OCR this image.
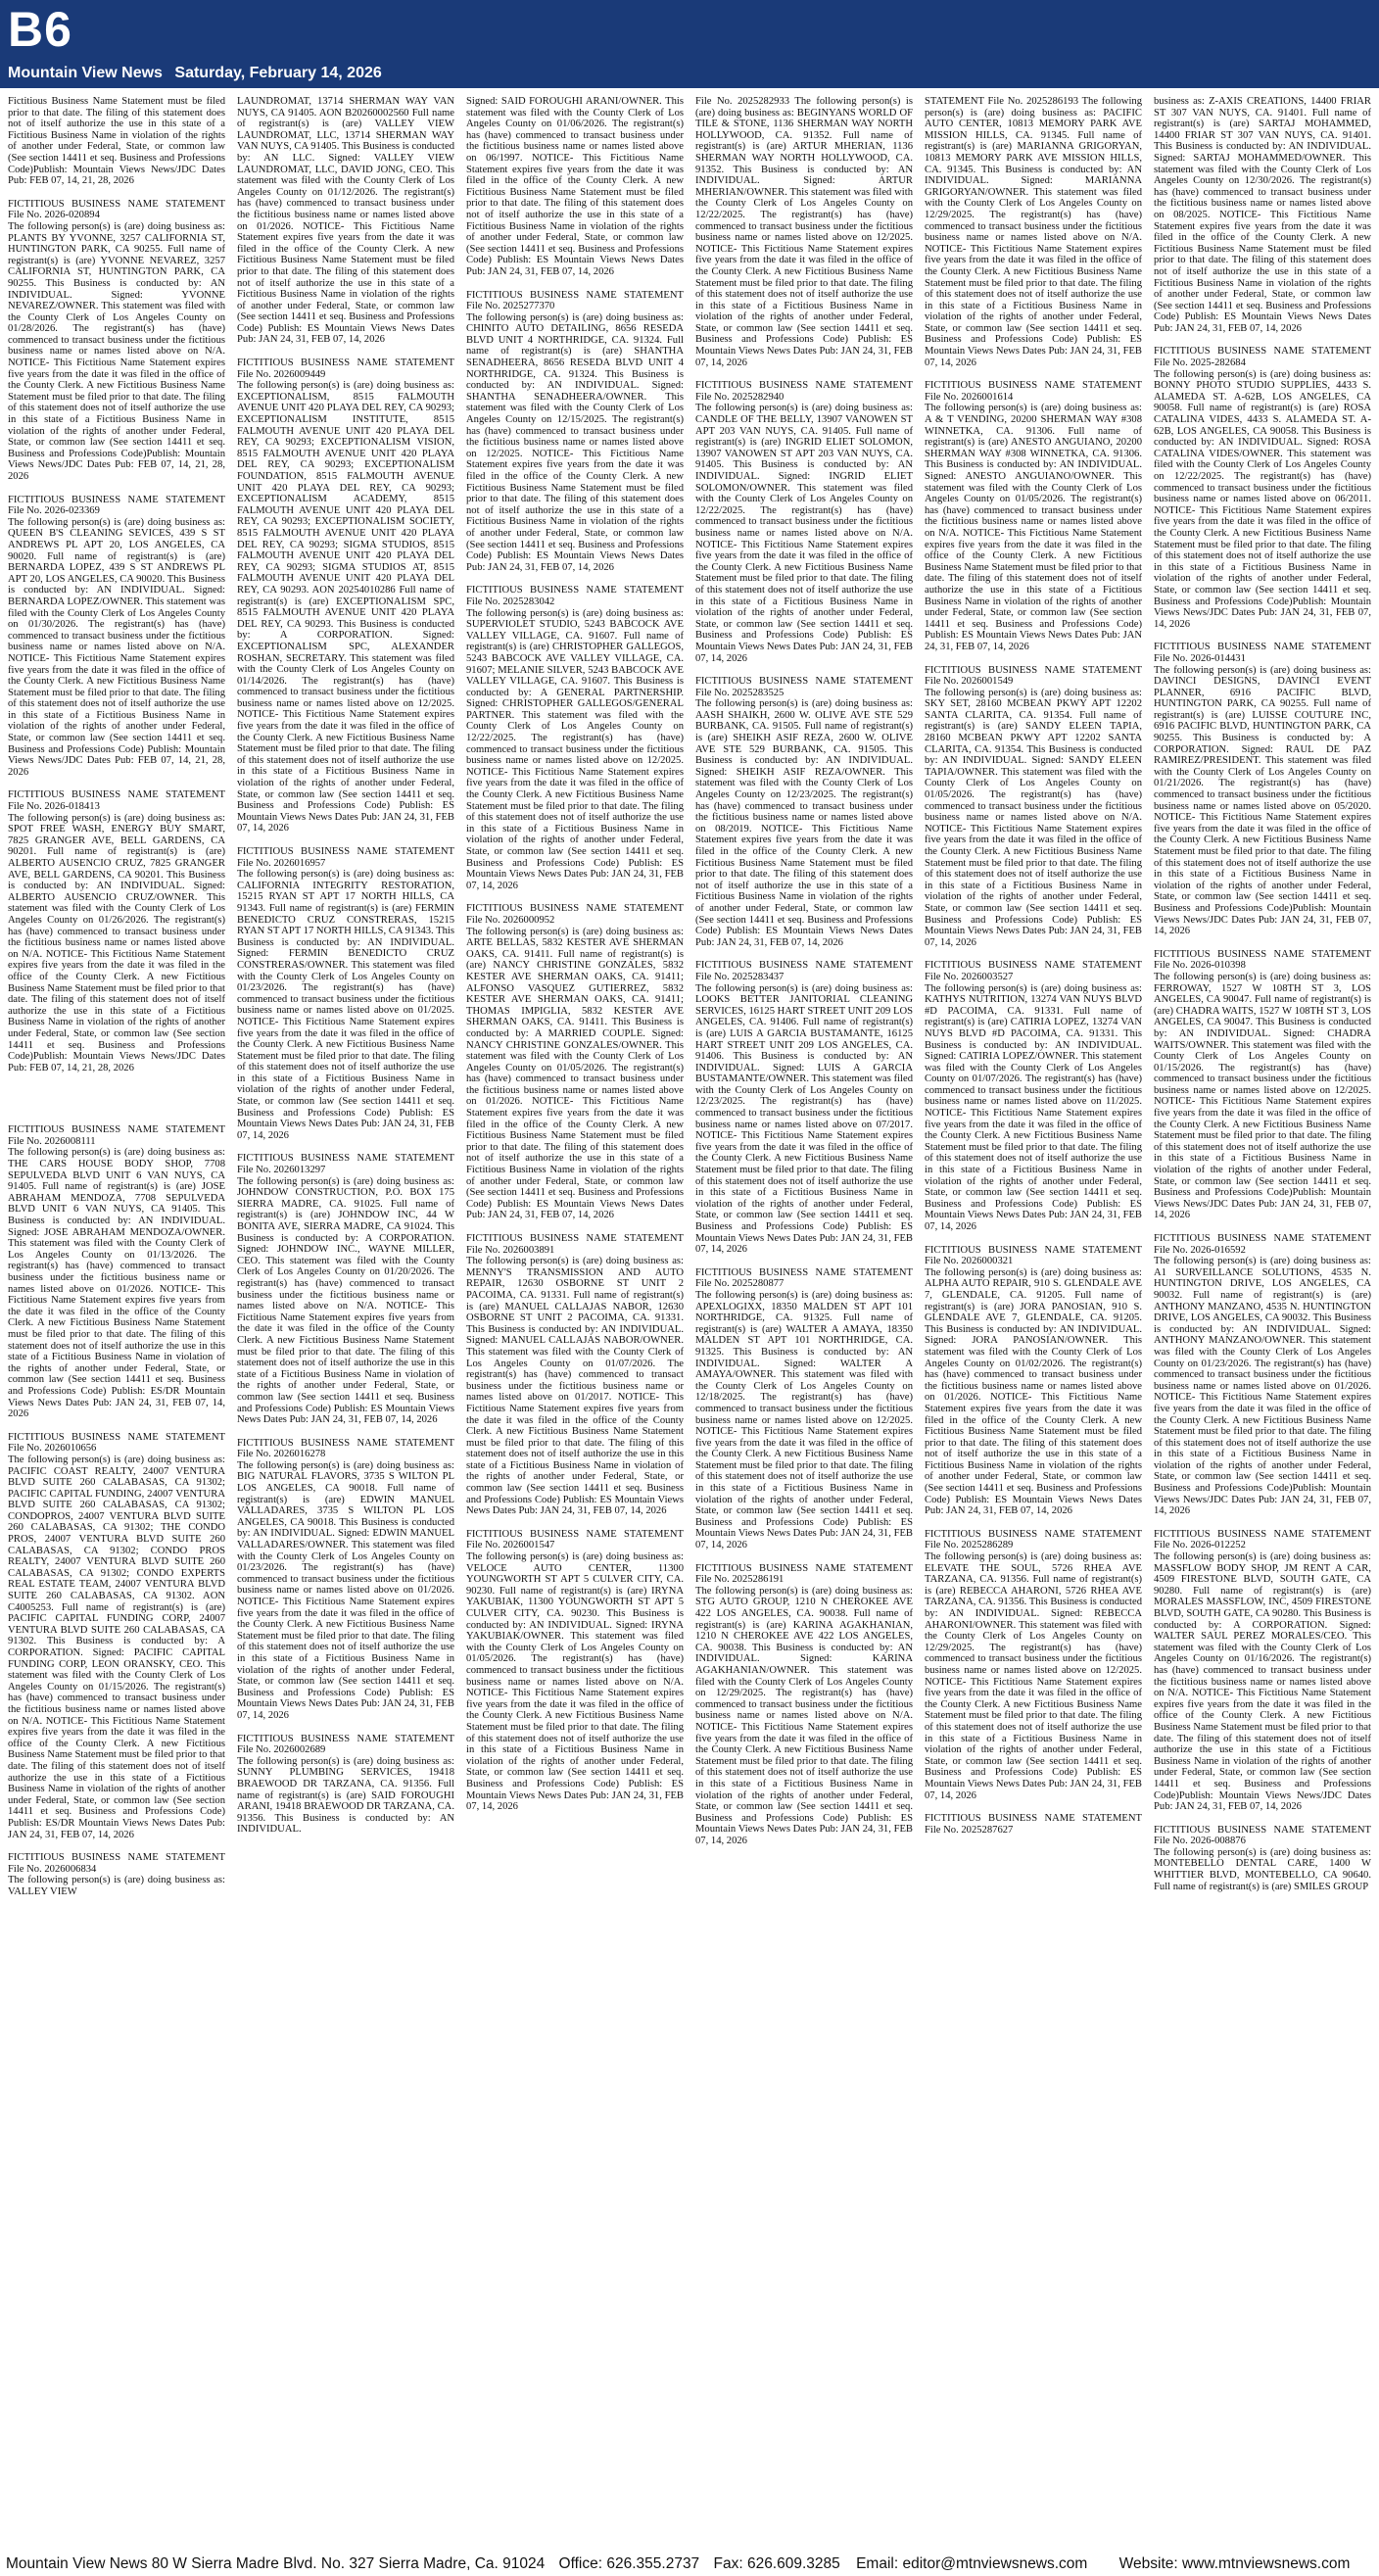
B6
Mountain View News Saturday, February 14, 2026
Fictitious Business Name Statement must be filed prior to that date. The filing of this statement does not of itself authorize the use in this state of a Fictitious Business Name in violation of the rights of another under Federal, State, or common law (See section 14411 et seq. Business and Professions Code)Publish: Mountain Views News/JDC Dates Pub: FEB 07, 14, 21, 28, 2026
FICTITIOUS BUSINESS NAME STATEMENT File No. 2026-020894
The following person(s) is (are) doing business as: PLANTS BY YVONNE, 3257 CALIFORNIA ST, HUNTINGTON PARK, CA 90255. Full name of registrant(s) is (are) YVONNE NEVAREZ, 3257 CALIFORNIA ST, HUNTINGTON PARK, CA 90255. This Business is conducted by: AN INDIVIDUAL. Signed: YVONNE NEVAREZ/OWNER. This statement was filed with the County Clerk of Los Angeles County on 01/28/2026. The registrant(s) has (have) commenced to transact business under the fictitious business name or names listed above on N/A. NOTICE- This Fictitious Name Statement expires five years from the date it was filed in the office of the County Clerk. A new Fictitious Business Name Statement must be filed prior to that date. The filing of this statement does not of itself authorize the use in this state of a Fictitious Business Name in violation of the rights of another under Federal, State, or common law (See section 14411 et seq. Business and Professions Code)Publish: Mountain Views News/JDC Dates Pub: FEB 07, 14, 21, 28, 2026
FICTITIOUS BUSINESS NAME STATEMENT File No. 2026-023369
The following person(s) is (are) doing business as: QUEEN B'S CLEANING SEVICES, 439 S ST ANDREWS PL APT 20, LOS ANGELES, CA 90020. Full name of registrant(s) is (are) BERNARDA LOPEZ, 439 S ST ANDREWS PL APT 20, LOS ANGELES, CA 90020. This Business is conducted by: AN INDIVIDUAL. Signed: BERNARDA LOPEZ/OWNER. This statement was filed with the County Clerk of Los Angeles County on 01/30/2026. The registrant(s) has (have) commenced to transact business under the fictitious business name or names listed above on N/A. NOTICE- This Fictitious Name Statement expires five years from the date it was filed in the office of the County Clerk. A new Fictitious Business Name Statement must be filed prior to that date. The filing of this statement does not of itself authorize the use in this state of a Fictitious Business Name in violation of the rights of another under Federal, State, or common law (See section 14411 et seq. Business and Professions Code) Publish: Mountain Views News/JDC Dates Pub: FEB 07, 14, 21, 28, 2026
FICTITIOUS BUSINESS NAME STATEMENT File No. 2026-018413
The following person(s) is (are) doing business as: SPOT FREE WASH, ENERGY BUY SMART, 7825 GRANGER AVE, BELL GARDENS, CA 90201. Full name of registrant(s) is (are) ALBERTO AUSENCIO CRUZ, 7825 GRANGER AVE, BELL GARDENS, CA 90201. This Business is conducted by: AN INDIVIDUAL. Signed: ALBERTO AUSENCIO CRUZ/OWNER. This statement was filed with the County Clerk of Los Angeles County on 01/26/2026. The registrant(s) has (have) commenced to transact business under the fictitious business name or names listed above on N/A. NOTICE- This Fictitious Name Statement expires five years from the date it was filed in the office of the County Clerk. A new Fictitious Business Name Statement must be filed prior to that date. The filing of this statement does not of itself authorize the use in this state of a Fictitious Business Name in violation of the rights of another under Federal, State, or common law (See section 14411 et seq. Business and Professions Code)Publish: Mountain Views News/JDC Dates Pub: FEB 07, 14, 21, 28, 2026
FICTITIOUS BUSINESS NAME STATEMENT File No. 2026008111
The following person(s) is (are) doing business as: THE CARS HOUSE BODY SHOP, 7708 SEPULVEDA BLVD UNIT 6 VAN NUYS, CA 91405. Full name of registrant(s) is (are) JOSE ABRAHAM MENDOZA, 7708 SEPULVEDA BLVD UNIT 6 VAN NUYS, CA 91405. This Business is conducted by: AN INDIVIDUAL. Signed: JOSE ABRAHAM MENDOZA/OWNER. This statement was filed with the County Clerk of Los Angeles County on 01/13/2026. The registrant(s) has (have) commenced to transact business under the fictitious business name or names listed above on 01/2026. NOTICE- This Fictitious Name Statement expires five years from the date it was filed in the office of the County Clerk. A new Fictitious Business Name Statement must be filed prior to that date. The filing of this statement does not of itself authorize the use in this state of a Fictitious Business Name in violation of the rights of another under Federal, State, or common law (See section 14411 et seq. Business and Professions Code) Publish: ES/DR Mountain Views News Dates Pub: JAN 24, 31, FEB 07, 14, 2026
FICTITIOUS BUSINESS NAME STATEMENT File No. 2026010656
The following person(s) is (are) doing business as: PACIFIC COAST REALTY, 24007 VENTURA BLVD SUITE 260 CALABASAS, CA 91302; PACIFIC CAPITAL FUNDING, 24007 VENTURA BLVD SUITE 260 CALABASAS, CA 91302; CONDOPROS, 24007 VENTURA BLVD SUITE 260 CALABASAS, CA 91302; THE CONDO PROS, 24007 VENTURA BLVD SUITE 260 CALABASAS, CA 91302; CONDO PROS REALTY, 24007 VENTURA BLVD SUITE 260 CALABASAS, CA 91302; CONDO EXPERTS REAL ESTATE TEAM, 24007 VENTURA BLVD SUITE 260 CALABASAS, CA 91302. AON C4005253. Full name of registrant(s) is (are) PACIFIC CAPITAL FUNDING CORP, 24007 VENTURA BLVD SUITE 260 CALABASAS, CA 91302. This Business is conducted by: A CORPORATION. Signed: PACIFIC CAPITAL FUNDING CORP, LEON ORANSKY, CEO. This statement was filed with the County Clerk of Los Angeles County on 01/15/2026. The registrant(s) has (have) commenced to transact business under the fictitious business name or names listed above on N/A. NOTICE- This Fictitious Name Statement expires five years from the date it was filed in the office of the County Clerk. A new Fictitious Business Name Statement must be filed prior to that date. The filing of this statement does not of itself authorize the use in this state of a Fictitious Business Name in violation of the rights of another under Federal, State, or common law (See section 14411 et seq. Business and Professions Code) Publish: ES/DR Mountain Views News Dates Pub: JAN 24, 31, FEB 07, 14, 2026
FICTITIOUS BUSINESS NAME STATEMENT File No. 2026006834
The following person(s) is (are) doing business as: VALLEY VIEW
LAUNDROMAT, 13714 SHERMAN WAY VAN NUYS, CA 91405. AON B20260002560 Full name of registrant(s) is (are) VALLEY VIEW LAUNDROMAT, LLC, 13714 SHERMAN WAY VAN NUYS, CA 91405. This Business is conducted by: AN LLC. Signed: VALLEY VIEW LAUNDROMAT, LLC, DAVID JONG, CEO. This statement was filed with the County Clerk of Los Angeles County on 01/12/2026. The registrant(s) has (have) commenced to transact business under the fictitious business name or names listed above on 01/2026. NOTICE- This Fictitious Name Statement expires five years from the date it was filed in the office of the County Clerk. A new Fictitious Business Name Statement must be filed prior to that date. The filing of this statement does not of itself authorize the use in this state of a Fictitious Business Name in violation of the rights of another under Federal, State, or common law (See section 14411 et seq. Business and Professions Code) Publish: ES Mountain Views News Dates Pub: JAN 24, 31, FEB 07, 14, 2026
FICTITIOUS BUSINESS NAME STATEMENT File No. 2026009449
The following person(s) is (are) doing business as: EXCEPTIONALISM, 8515 FALMOUTH AVENUE UNIT 420 PLAYA DEL REY, CA 90293; EXCEPTIONALISM INSTITUTE, 8515 FALMOUTH AVENUE UNIT 420 PLAYA DEL REY, CA 90293; EXCEPTIONALISM VISION, 8515 FALMOUTH AVENUE UNIT 420 PLAYA DEL REY, CA 90293; EXCEPTIONALISM FOUNDATION, 8515 FALMOUTH AVENUE UNIT 420 PLAYA DEL REY, CA 90293; EXCEPTIONALISM ACADEMY, 8515 FALMOUTH AVENUE UNIT 420 PLAYA DEL REY, CA 90293; EXCEPTIONALISM SOCIETY, 8515 FALMOUTH AVENUE UNIT 420 PLAYA DEL REY, CA 90293; SIGMA STUDIOS, 8515 FALMOUTH AVENUE UNIT 420 PLAYA DEL REY, CA 90293; SIGMA STUDIOS AT, 8515 FALMOUTH AVENUE UNIT 420 PLAYA DEL REY, CA 90293. AON 20254010286 Full name of registrant(s) is (are) EXCEPTIONALISM SPC, 8515 FALMOUTH AVENUE UNIT 420 PLAYA DEL REY, CA 90293. This Business is conducted by: A CORPORATION. Signed: EXCEPTIONALISM SPC, ALEXANDER ROSHAN, SECRETARY. This statement was filed with the County Clerk of Los Angeles County on 01/14/2026. The registrant(s) has (have) commenced to transact business under the fictitious business name or names listed above on 12/2025. NOTICE- This Fictitious Name Statement expires five years from the date it was filed in the office of the County Clerk. A new Fictitious Business Name Statement must be filed prior to that date. The filing of this statement does not of itself authorize the use in this state of a Fictitious Business Name in violation of the rights of another under Federal, State, or common law (See section 14411 et seq. Business and Professions Code) Publish: ES Mountain Views News Dates Pub: JAN 24, 31, FEB 07, 14, 2026
FICTITIOUS BUSINESS NAME STATEMENT File No. 2026016957
The following person(s) is (are) doing business as: CALIFORNIA INTEGRITY RESTORATION, 15215 RYAN ST APT 17 NORTH HILLS, CA 91343. Full name of registrant(s) is (are) FERMIN BENEDICTO CRUZ CONSTRERAS, 15215 RYAN ST APT 17 NORTH HILLS, CA 91343. This Business is conducted by: AN INDIVIDUAL. Signed: FERMIN BENEDICTO CRUZ CONSTRERAS/OWNER. This statement was filed with the County Clerk of Los Angeles County on 01/23/2026. The registrant(s) has (have) commenced to transact business under the fictitious business name or names listed above on 01/2025. NOTICE- This Fictitious Name Statement expires five years from the date it was filed in the office of the County Clerk. A new Fictitious Business Name Statement must be filed prior to that date. The filing of this statement does not of itself authorize the use in this state of a Fictitious Business Name in violation of the rights of another under Federal, State, or common law (See section 14411 et seq. Business and Professions Code) Publish: ES Mountain Views News Dates Pub: JAN 24, 31, FEB 07, 14, 2026
FICTITIOUS BUSINESS NAME STATEMENT File No. 2026013297
The following person(s) is (are) doing business as: JOHNDOW CONSTRUCTION, P.O. BOX 175 SIERRA MADRE, CA. 91025. Full name of registrant(s) is (are) JOHNDOW INC, 44 W BONITA AVE, SIERRA MADRE, CA 91024. This Business is conducted by: A CORPORATION. Signed: JOHNDOW INC., WAYNE MILLER, CEO. This statement was filed with the County Clerk of Los Angeles County on 01/20/2026. The registrant(s) has (have) commenced to transact business under the fictitious business name or names listed above on N/A. NOTICE- This Fictitious Name Statement expires five years from the date it was filed in the office of the County Clerk. A new Fictitious Business Name Statement must be filed prior to that date. The filing of this statement does not of itself authorize the use in this state of a Fictitious Business Name in violation of the rights of another under Federal, State, or common law (See section 14411 et seq. Business and Professions Code) Publish: ES Mountain Views News Dates Pub: JAN 24, 31, FEB 07, 14, 2026
FICTITIOUS BUSINESS NAME STATEMENT File No. 2026016278
The following person(s) is (are) doing business as: BIG NATURAL FLAVORS, 3735 S WILTON PL LOS ANGELES, CA 90018. Full name of registrant(s) is (are) EDWIN MANUEL VALLADARES, 3735 S WILTON PL LOS ANGELES, CA 90018. This Business is conducted by: AN INDIVIDUAL. Signed: EDWIN MANUEL VALLADARES/OWNER. This statement was filed with the County Clerk of Los Angeles County on 01/23/2026. The registrant(s) has (have) commenced to transact business under the fictitious business name or names listed above on 01/2026. NOTICE- This Fictitious Name Statement expires five years from the date it was filed in the office of the County Clerk. A new Fictitious Business Name Statement must be filed prior to that date. The filing of this statement does not of itself authorize the use in this state of a Fictitious Business Name in violation of the rights of another under Federal, State, or common law (See section 14411 et seq. Business and Professions Code) Publish: ES Mountain Views News Dates Pub: JAN 24, 31, FEB 07, 14, 2026
FICTITIOUS BUSINESS NAME STATEMENT File No. 2026002689
The following person(s) is (are) doing business as: SUNNY PLUMBING SERVICES, 19418 BRAEWOOD DR TARZANA, CA. 91356. Full name of registrant(s) is (are) SAID FOROUGHI ARANI, 19418 BRAEWOOD DR TARZANA, CA. 91356. This Business is conducted by: AN INDIVIDUAL.
Signed: SAID FOROUGHI ARANI/OWNER. This statement was filed with the County Clerk of Los Angeles County on 01/06/2026. The registrant(s) has (have) commenced to transact business under the fictitious business name or names listed above on 06/1997. NOTICE- This Fictitious Name Statement expires five years from the date it was filed in the office of the County Clerk. A new Fictitious Business Name Statement must be filed prior to that date. The filing of this statement does not of itself authorize the use in this state of a Fictitious Business Name in violation of the rights of another under Federal, State, or common law (See section 14411 et seq. Business and Professions Code) Publish: ES Mountain Views News Dates Pub: JAN 24, 31, FEB 07, 14, 2026
FICTITIOUS BUSINESS NAME STATEMENT File No. 2025277370
The following person(s) is (are) doing business as: CHINITO AUTO DETAILING, 8656 RESEDA BLVD UNIT 4 NORTHRIDGE, CA. 91324. Full name of registrant(s) is (are) SHANTHA SENADHEERA, 8656 RESEDA BLVD UNIT 4 NORTHRIDGE, CA. 91324. This Business is conducted by: AN INDIVIDUAL. Signed: SHANTHA SENADHEERA/OWNER. This statement was filed with the County Clerk of Los Angeles County on 12/15/2025. The registrant(s) has (have) commenced to transact business under the fictitious business name or names listed above on 12/2025. NOTICE- This Fictitious Name Statement expires five years from the date it was filed in the office of the County Clerk. A new Fictitious Business Name Statement must be filed prior to that date. The filing of this statement does not of itself authorize the use in this state of a Fictitious Business Name in violation of the rights of another under Federal, State, or common law (See section 14411 et seq. Business and Professions Code) Publish: ES Mountain Views News Dates Pub: JAN 24, 31, FEB 07, 14, 2026
FICTITIOUS BUSINESS NAME STATEMENT File No. 2025283042
The following person(s) is (are) doing business as: SUPERVIOLET STUDIO, 5243 BABCOCK AVE VALLEY VILLAGE, CA. 91607. Full name of registrant(s) is (are) CHRISTOPHER GALLEGOS, 5243 BABCOCK AVE VALLEY VILLAGE, CA. 91607; MELANIE SILVER, 5243 BABCOCK AVE VALLEY VILLAGE, CA. 91607. This Business is conducted by: A GENERAL PARTNERSHIP. Signed: CHRISTOPHER GALLEGOS/GENERAL PARTNER. This statement was filed with the County Clerk of Los Angeles County on 12/22/2025. The registrant(s) has (have) commenced to transact business under the fictitious business name or names listed above on 12/2025. NOTICE- This Fictitious Name Statement expires five years from the date it was filed in the office of the County Clerk. A new Fictitious Business Name Statement must be filed prior to that date. The filing of this statement does not of itself authorize the use in this state of a Fictitious Business Name in violation of the rights of another under Federal, State, or common law (See section 14411 et seq. Business and Professions Code) Publish: ES Mountain Views News Dates Pub: JAN 24, 31, FEB 07, 14, 2026
FICTITIOUS BUSINESS NAME STATEMENT File No. 2026000952
The following person(s) is (are) doing business as: ARTE BELLAS, 5832 KESTER AVE SHERMAN OAKS, CA. 91411. Full name of registrant(s) is (are) NANCY CHRISTINE GONZALES, 5832 KESTER AVE SHERMAN OAKS, CA. 91411; ALFONSO VASQUEZ GUTIERREZ, 5832 KESTER AVE SHERMAN OAKS, CA. 91411; THOMAS IMPIGLIA, 5832 KESTER AVE SHERMAN OAKS, CA. 91411. This Business is conducted by: A MARRIED COUPLE. Signed: NANCY CHRISTINE GONZALES/OWNER. This statement was filed with the County Clerk of Los Angeles County on 01/05/2026. The registrant(s) has (have) commenced to transact business under the fictitious business name or names listed above on 01/2026. NOTICE- This Fictitious Name Statement expires five years from the date it was filed in the office of the County Clerk. A new Fictitious Business Name Statement must be filed prior to that date. The filing of this statement does not of itself authorize the use in this state of a Fictitious Business Name in violation of the rights of another under Federal, State, or common law (See section 14411 et seq. Business and Professions Code) Publish: ES Mountain Views News Dates Pub: JAN 24, 31, FEB 07, 14, 2026
FICTITIOUS BUSINESS NAME STATEMENT File No. 2026003891
The following person(s) is (are) doing business as: MENNY'S TRANSMISSION AND AUTO REPAIR, 12630 OSBORNE ST UNIT 2 PACOIMA, CA. 91331. Full name of registrant(s) is (are) MANUEL CALLAJAS NABOR, 12630 OSBORNE ST UNIT 2 PACOIMA, CA. 91331. This Business is conducted by: AN INDIVIDUAL. Signed: MANUEL CALLAJAS NABOR/OWNER. This statement was filed with the County Clerk of Los Angeles County on 01/07/2026. The registrant(s) has (have) commenced to transact business under the fictitious business name or names listed above on 01/2017. NOTICE- This Fictitious Name Statement expires five years from the date it was filed in the office of the County Clerk. A new Fictitious Business Name Statement must be filed prior to that date. The filing of this statement does not of itself authorize the use in this state of a Fictitious Business Name in violation of the rights of another under Federal, State, or common law (See section 14411 et seq. Business and Professions Code) Publish: ES Mountain Views News Dates Pub: JAN 24, 31, FEB 07, 14, 2026
FICTITIOUS BUSINESS NAME STATEMENT File No. 2026001547
The following person(s) is (are) doing business as: VELOCE AUTO CENTER, 11300 YOUNGWORTH ST APT 5 CULVER CITY, CA. 90230. Full name of registrant(s) is (are) IRYNA YAKUBIAK, 11300 YOUNGWORTH ST APT 5 CULVER CITY, CA. 90230. This Business is conducted by: AN INDIVIDUAL. Signed: IRYNA YAKUBIAK/OWNER. This statement was filed with the County Clerk of Los Angeles County on 01/05/2026. The registrant(s) has (have) commenced to transact business under the fictitious business name or names listed above on N/A. NOTICE- This Fictitious Name Statement expires five years from the date it was filed in the office of the County Clerk. A new Fictitious Business Name Statement must be filed prior to that date. The filing of this statement does not of itself authorize the use in this state of a Fictitious Business Name in violation of the rights of another under Federal, State, or common law (See section 14411 et seq. Business and Professions Code) Publish: ES Mountain Views News Dates Pub: JAN 24, 31, FEB 07, 14, 2026
File No. 2025282933 The following person(s) is (are) doing business as: BEGINYANS WORLD OF TILE & STONE, 1136 SHERMAN WAY NORTH HOLLYWOOD, CA. 91352. Full name of registrant(s) is (are) ARTUR MHERIAN, 1136 SHERMAN WAY NORTH HOLLYWOOD, CA. 91352. This Business is conducted by: AN INDIVIDUAL. Signed: ARTUR MHERIAN/OWNER. This statement was filed with the County Clerk of Los Angeles County on 12/22/2025. The registrant(s) has (have) commenced to transact business under the fictitious business name or names listed above on 12/2025. NOTICE- This Fictitious Name Statement expires five years from the date it was filed in the office of the County Clerk. A new Fictitious Business Name Statement must be filed prior to that date. The filing of this statement does not of itself authorize the use in this state of a Fictitious Business Name in violation of the rights of another under Federal, State, or common law (See section 14411 et seq. Business and Professions Code) Publish: ES Mountain Views News Dates Pub: JAN 24, 31, FEB 07, 14, 2026
FICTITIOUS BUSINESS NAME STATEMENT File No. 2025282940
The following person(s) is (are) doing business as: CANDLE OF THE BELLY, 13907 VANOWEN ST APT 203 VAN NUYS, CA. 91405. Full name of registrant(s) is (are) INGRID ELIET SOLOMON, 13907 VANOWEN ST APT 203 VAN NUYS, CA. 91405. This Business is conducted by: AN INDIVIDUAL. Signed: INGRID ELIET SOLOMON/OWNER. This statement was filed with the County Clerk of Los Angeles County on 12/22/2025. The registrant(s) has (have) commenced to transact business under the fictitious business name or names listed above on N/A. NOTICE- This Fictitious Name Statement expires five years from the date it was filed in the office of the County Clerk. A new Fictitious Business Name Statement must be filed prior to that date. The filing of this statement does not of itself authorize the use in this state of a Fictitious Business Name in violation of the rights of another under Federal, State, or common law (See section 14411 et seq. Business and Professions Code) Publish: ES Mountain Views News Dates Pub: JAN 24, 31, FEB 07, 14, 2026
FICTITIOUS BUSINESS NAME STATEMENT File No. 2025283525
The following person(s) is (are) doing business as: AASH SHAIKH, 2600 W. OLIVE AVE STE 529 BURBANK, CA. 91505. Full name of registrant(s) is (are) SHEIKH ASIF REZA, 2600 W. OLIVE AVE STE 529 BURBANK, CA. 91505. This Business is conducted by: AN INDIVIDUAL. Signed: SHEIKH ASIF REZA/OWNER. This statement was filed with the County Clerk of Los Angeles County on 12/23/2025. The registrant(s) has (have) commenced to transact business under the fictitious business name or names listed above on 08/2019. NOTICE- This Fictitious Name Statement expires five years from the date it was filed in the office of the County Clerk. A new Fictitious Business Name Statement must be filed prior to that date. The filing of this statement does not of itself authorize the use in this state of a Fictitious Business Name in violation of the rights of another under Federal, State, or common law (See section 14411 et seq. Business and Professions Code) Publish: ES Mountain Views News Dates Pub: JAN 24, 31, FEB 07, 14, 2026
FICTITIOUS BUSINESS NAME STATEMENT File No. 2025283437
The following person(s) is (are) doing business as: LOOKS BETTER JANITORIAL CLEANING SERVICES, 16125 HART STREET UNIT 209 LOS ANGELES, CA. 91406. Full name of registrant(s) is (are) LUIS A GARCIA BUSTAMANTE, 16125 HART STREET UNIT 209 LOS ANGELES, CA. 91406. This Business is conducted by: AN INDIVIDUAL. Signed: LUIS A GARCIA BUSTAMANTE/OWNER. This statement was filed with the County Clerk of Los Angeles County on 12/23/2025. The registrant(s) has (have) commenced to transact business under the fictitious business name or names listed above on 07/2017. NOTICE- This Fictitious Name Statement expires five years from the date it was filed in the office of the County Clerk. A new Fictitious Business Name Statement must be filed prior to that date. The filing of this statement does not of itself authorize the use in this state of a Fictitious Business Name in violation of the rights of another under Federal, State, or common law (See section 14411 et seq. Business and Professions Code) Publish: ES Mountain Views News Dates Pub: JAN 24, 31, FEB 07, 14, 2026
FICTITIOUS BUSINESS NAME STATEMENT File No. 2025280877
The following person(s) is (are) doing business as: APEXLOGIXX, 18350 MALDEN ST APT 101 NORTHRIDGE, CA. 91325. Full name of registrant(s) is (are) WALTER A AMAYA, 18350 MALDEN ST APT 101 NORTHRIDGE, CA. 91325. This Business is conducted by: AN INDIVIDUAL. Signed: WALTER A AMAYA/OWNER. This statement was filed with the County Clerk of Los Angeles County on 12/18/2025. The registrant(s) has (have) commenced to transact business under the fictitious business name or names listed above on 12/2025. NOTICE- This Fictitious Name Statement expires five years from the date it was filed in the office of the County Clerk. A new Fictitious Business Name Statement must be filed prior to that date. The filing of this statement does not of itself authorize the use in this state of a Fictitious Business Name in violation of the rights of another under Federal, State, or common law (See section 14411 et seq. Business and Professions Code) Publish: ES Mountain Views News Dates Pub: JAN 24, 31, FEB 07, 14, 2026
FICTITIOUS BUSINESS NAME STATEMENT File No. 2025286191
The following person(s) is (are) doing business as: STG AUTO GROUP, 1210 N CHEROKEE AVE 422 LOS ANGELES, CA. 90038. Full name of registrant(s) is (are) KARINA AGAKHANIAN, 1210 N CHEROKEE AVE 422 LOS ANGELES, CA. 90038. This Business is conducted by: AN INDIVIDUAL. Signed: KARINA AGAKHANIAN/OWNER. This statement was filed with the County Clerk of Los Angeles County on 12/29/2025. The registrant(s) has (have) commenced to transact business under the fictitious business name or names listed above on N/A. NOTICE- This Fictitious Name Statement expires five years from the date it was filed in the office of the County Clerk. A new Fictitious Business Name Statement must be filed prior to that date. The filing of this statement does not of itself authorize the use in this state of a Fictitious Business Name in violation of the rights of another under Federal, State, or common law (See section 14411 et seq. Business and Professions Code) Publish: ES Mountain Views News Dates Pub: JAN 24, 31, FEB 07, 14, 2026
STATEMENT File No. 2025286193 The following person(s) is (are) doing business as: PACIFIC AUTO CENTER, 10813 MEMORY PARK AVE MISSION HILLS, CA. 91345. Full name of registrant(s) is (are) MARIANNA GRIGORYAN, 10813 MEMORY PARK AVE MISSION HILLS, CA. 91345. This Business is conducted by: AN INDIVIDUAL. Signed: MARIANNA GRIGORYAN/OWNER. This statement was filed with the County Clerk of Los Angeles County on 12/29/2025. The registrant(s) has (have) commenced to transact business under the fictitious business name or names listed above on N/A. NOTICE- This Fictitious Name Statement expires five years from the date it was filed in the office of the County Clerk. A new Fictitious Business Name Statement must be filed prior to that date. The filing of this statement does not of itself authorize the use in this state of a Fictitious Business Name in violation of the rights of another under Federal, State, or common law (See section 14411 et seq. Business and Professions Code) Publish: ES Mountain Views News Dates Pub: JAN 24, 31, FEB 07, 14, 2026
FICTITIOUS BUSINESS NAME STATEMENT File No. 2026001614
The following person(s) is (are) doing business as: A & T VENDING, 20200 SHERMAN WAY #308 WINNETKA, CA. 91306. Full name of registrant(s) is (are) ANESTO ANGUIANO, 20200 SHERMAN WAY #308 WINNETKA, CA. 91306. This Business is conducted by: AN INDIVIDUAL. Signed: ANESTO ANGUIANO/OWNER. This statement was filed with the County Clerk of Los Angeles County on 01/05/2026. The registrant(s) has (have) commenced to transact business under the fictitious business name or names listed above on N/A. NOTICE- This Fictitious Name Statement expires five years from the date it was filed in the office of the County Clerk. A new Fictitious Business Name Statement must be filed prior to that date. The filing of this statement does not of itself authorize the use in this state of a Fictitious Business Name in violation of the rights of another under Federal, State, or common law (See section 14411 et seq. Business and Professions Code) Publish: ES Mountain Views News Dates Pub: JAN 24, 31, FEB 07, 14, 2026
FICTITIOUS BUSINESS NAME STATEMENT File No. 2026001549
The following person(s) is (are) doing business as: SKY SET, 28160 MCBEAN PKWY APT 12202 SANTA CLARITA, CA. 91354. Full name of registrant(s) is (are) SANDY ELEEN TAPIA, 28160 MCBEAN PKWY APT 12202 SANTA CLARITA, CA. 91354. This Business is conducted by: AN INDIVIDUAL. Signed: SANDY ELEEN TAPIA/OWNER. This statement was filed with the County Clerk of Los Angeles County on 01/05/2026. The registrant(s) has (have) commenced to transact business under the fictitious business name or names listed above on N/A. NOTICE- This Fictitious Name Statement expires five years from the date it was filed in the office of the County Clerk. A new Fictitious Business Name Statement must be filed prior to that date. The filing of this statement does not of itself authorize the use in this state of a Fictitious Business Name in violation of the rights of another under Federal, State, or common law (See section 14411 et seq. Business and Professions Code) Publish: ES Mountain Views News Dates Pub: JAN 24, 31, FEB 07, 14, 2026
FICTITIOUS BUSINESS NAME STATEMENT File No. 2026003527
The following person(s) is (are) doing business as: KATHYS NUTRITION, 13274 VAN NUYS BLVD #D PACOIMA, CA. 91331. Full name of registrant(s) is (are) CATIRIA LOPEZ, 13274 VAN NUYS BLVD #D PACOIMA, CA. 91331. This Business is conducted by: AN INDIVIDUAL. Signed: CATIRIA LOPEZ/OWNER. This statement was filed with the County Clerk of Los Angeles County on 01/07/2026. The registrant(s) has (have) commenced to transact business under the fictitious business name or names listed above on 11/2025. NOTICE- This Fictitious Name Statement expires five years from the date it was filed in the office of the County Clerk. A new Fictitious Business Name Statement must be filed prior to that date. The filing of this statement does not of itself authorize the use in this state of a Fictitious Business Name in violation of the rights of another under Federal, State, or common law (See section 14411 et seq. Business and Professions Code) Publish: ES Mountain Views News Dates Pub: JAN 24, 31, FEB 07, 14, 2026
FICTITIOUS BUSINESS NAME STATEMENT File No. 2026000321
The following person(s) is (are) doing business as: ALPHA AUTO REPAIR, 910 S. GLENDALE AVE 7, GLENDALE, CA. 91205. Full name of registrant(s) is (are) JORA PANOSIAN, 910 S. GLENDALE AVE 7, GLENDALE, CA. 91205. This Business is conducted by: AN INDIVIDUAL. Signed: JORA PANOSIAN/OWNER. This statement was filed with the County Clerk of Los Angeles County on 01/02/2026. The registrant(s) has (have) commenced to transact business under the fictitious business name or names listed above on 01/2026. NOTICE- This Fictitious Name Statement expires five years from the date it was filed in the office of the County Clerk. A new Fictitious Business Name Statement must be filed prior to that date. The filing of this statement does not of itself authorize the use in this state of a Fictitious Business Name in violation of the rights of another under Federal, State, or common law (See section 14411 et seq. Business and Professions Code) Publish: ES Mountain Views News Dates Pub: JAN 24, 31, FEB 07, 14, 2026
FICTITIOUS BUSINESS NAME STATEMENT File No. 2025286289
The following person(s) is (are) doing business as: ELEVATE THE SOUL, 5726 RHEA AVE TARZANA, CA. 91356. Full name of registrant(s) is (are) REBECCA AHARONI, 5726 RHEA AVE TARZANA, CA. 91356. This Business is conducted by: AN INDIVIDUAL. Signed: REBECCA AHARONI/OWNER. This statement was filed with the County Clerk of Los Angeles County on 12/29/2025. The registrant(s) has (have) commenced to transact business under the fictitious business name or names listed above on 12/2025. NOTICE- This Fictitious Name Statement expires five years from the date it was filed in the office of the County Clerk. A new Fictitious Business Name Statement must be filed prior to that date. The filing of this statement does not of itself authorize the use in this state of a Fictitious Business Name in violation of the rights of another under Federal, State, or common law (See section 14411 et seq. Business and Professions Code) Publish: ES Mountain Views News Dates Pub: JAN 24, 31, FEB 07, 14, 2026
FICTITIOUS BUSINESS NAME STATEMENT File No. 2025287627
business as: Z-AXIS CREATIONS, 14400 FRIAR ST 307 VAN NUYS, CA. 91401. Full name of registrant(s) is (are) SARTAJ MOHAMMED, 14400 FRIAR ST 307 VAN NUYS, CA. 91401. This Business is conducted by: AN INDIVIDUAL. Signed: SARTAJ MOHAMMED/OWNER. This statement was filed with the County Clerk of Los Angeles County on 12/30/2026. The registrant(s) has (have) commenced to transact business under the fictitious business name or names listed above on 08/2025. NOTICE- This Fictitious Name Statement expires five years from the date it was filed in the office of the County Clerk. A new Fictitious Business Name Statement must be filed prior to that date. The filing of this statement does not of itself authorize the use in this state of a Fictitious Business Name in violation of the rights of another under Federal, State, or common law (See section 14411 et seq. Business and Professions Code) Publish: ES Mountain Views News Dates Pub: JAN 24, 31, FEB 07, 14, 2026
FICTITIOUS BUSINESS NAME STATEMENT File No. 2025-282684
The following person(s) is (are) doing business as: BONNY PHOTO STUDIO SUPPLIES, 4433 S. ALAMEDA ST. A-62B, LOS ANGELES, CA 90058. Full name of registrant(s) is (are) ROSA CATALINA VIDES, 4433 S. ALAMEDA ST. A-62B, LOS ANGELES, CA 90058. This Business is conducted by: AN INDIVIDUAL. Signed: ROSA CATALINA VIDES/OWNER. This statement was filed with the County Clerk of Los Angeles County on 12/22/2025. The registrant(s) has (have) commenced to transact business under the fictitious business name or names listed above on 06/2011. NOTICE- This Fictitious Name Statement expires five years from the date it was filed in the office of the County Clerk. A new Fictitious Business Name Statement must be filed prior to that date. The filing of this statement does not of itself authorize the use in this state of a Fictitious Business Name in violation of the rights of another under Federal, State, or common law (See section 14411 et seq. Business and Professions Code)Publish: Mountain Views News/JDC Dates Pub: JAN 24, 31, FEB 07, 14, 2026
FICTITIOUS BUSINESS NAME STATEMENT File No. 2026-014431
The following person(s) is (are) doing business as: DAVINCI DESIGNS, DAVINCI EVENT PLANNER, 6916 PACIFIC BLVD, HUNTINGTON PARK, CA 90255. Full name of registrant(s) is (are) LUISSE COUTURE INC, 6916 PACIFIC BLVD, HUNTINGTON PARK, CA 90255. This Business is conducted by: A CORPORATION. Signed: RAUL DE PAZ RAMIREZ/PRESIDENT. This statement was filed with the County Clerk of Los Angeles County on 01/21/2026. The registrant(s) has (have) commenced to transact business under the fictitious business name or names listed above on 05/2020. NOTICE- This Fictitious Name Statement expires five years from the date it was filed in the office of the County Clerk. A new Fictitious Business Name Statement must be filed prior to that date. The filing of this statement does not of itself authorize the use in this state of a Fictitious Business Name in violation of the rights of another under Federal, State, or common law (See section 14411 et seq. Business and Professions Code)Publish: Mountain Views News/JDC Dates Pub: JAN 24, 31, FEB 07, 14, 2026
FICTITIOUS BUSINESS NAME STATEMENT File No. 2026-010398
The following person(s) is (are) doing business as: FERROWAY, 1527 W 108TH ST 3, LOS ANGELES, CA 90047. Full name of registrant(s) is (are) CHADRA WAITS, 1527 W 108TH ST 3, LOS ANGELES, CA 90047. This Business is conducted by: AN INDIVIDUAL. Signed: CHADRA WAITS/OWNER. This statement was filed with the County Clerk of Los Angeles County on 01/15/2026. The registrant(s) has (have) commenced to transact business under the fictitious business name or names listed above on 12/2025. NOTICE- This Fictitious Name Statement expires five years from the date it was filed in the office of the County Clerk. A new Fictitious Business Name Statement must be filed prior to that date. The filing of this statement does not of itself authorize the use in this state of a Fictitious Business Name in violation of the rights of another under Federal, State, or common law (See section 14411 et seq. Business and Professions Code)Publish: Mountain Views News/JDC Dates Pub: JAN 24, 31, FEB 07, 14, 2026
FICTITIOUS BUSINESS NAME STATEMENT File No. 2026-016592
The following person(s) is (are) doing business as: A1 SURVEILLANCE SOLUTIONS, 4535 N. HUNTINGTON DRIVE, LOS ANGELES, CA 90032. Full name of registrant(s) is (are) ANTHONY MANZANO, 4535 N. HUNTINGTON DRIVE, LOS ANGELES, CA 90032. This Business is conducted by: AN INDIVIDUAL. Signed: ANTHONY MANZANO/OWNER. This statement was filed with the County Clerk of Los Angeles County on 01/23/2026. The registrant(s) has (have) commenced to transact business under the fictitious business name or names listed above on 01/2026. NOTICE- This Fictitious Name Statement expires five years from the date it was filed in the office of the County Clerk. A new Fictitious Business Name Statement must be filed prior to that date. The filing of this statement does not of itself authorize the use in this state of a Fictitious Business Name in violation of the rights of another under Federal, State, or common law (See section 14411 et seq. Business and Professions Code)Publish: Mountain Views News/JDC Dates Pub: JAN 24, 31, FEB 07, 14, 2026
FICTITIOUS BUSINESS NAME STATEMENT File No. 2026-012252
The following person(s) is (are) doing business as: MASSFLOW BODY SHOP, JM RENT A CAR, 4509 FIRESTONE BLVD, SOUTH GATE, CA 90280. Full name of registrant(s) is (are) MORALES MASSFLOW, INC, 4509 FIRESTONE BLVD, SOUTH GATE, CA 90280. This Business is conducted by: A CORPORATION. Signed: WALTER SAUL PEREZ MORALES/CEO. This statement was filed with the County Clerk of Los Angeles County on 01/16/2026. The registrant(s) has (have) commenced to transact business under the fictitious business name or names listed above on N/A. NOTICE- This Fictitious Name Statement expires five years from the date it was filed in the office of the County Clerk. A new Fictitious Business Name Statement must be filed prior to that date. The filing of this statement does not of itself authorize the use in this state of a Fictitious Business Name in violation of the rights of another under Federal, State, or common law (See section 14411 et seq. Business and Professions Code)Publish: Mountain Views News/JDC Dates Pub: JAN 24, 31, FEB 07, 14, 2026
FICTITIOUS BUSINESS NAME STATEMENT File No. 2026-008876
The following person(s) is (are) doing business as: MONTEBELLO DENTAL CARE, 1400 W WHITTIER BLVD, MONTEBELLO, CA 90640. Full name of registrant(s) is (are) SMILES GROUP
Mountain View News 80 W Sierra Madre Blvd. No. 327 Sierra Madre, Ca. 91024 Office: 626.355.2737 Fax: 626.609.3285 Email: editor@mtnviewsnews.com Website: www.mtnviewsnews.com
